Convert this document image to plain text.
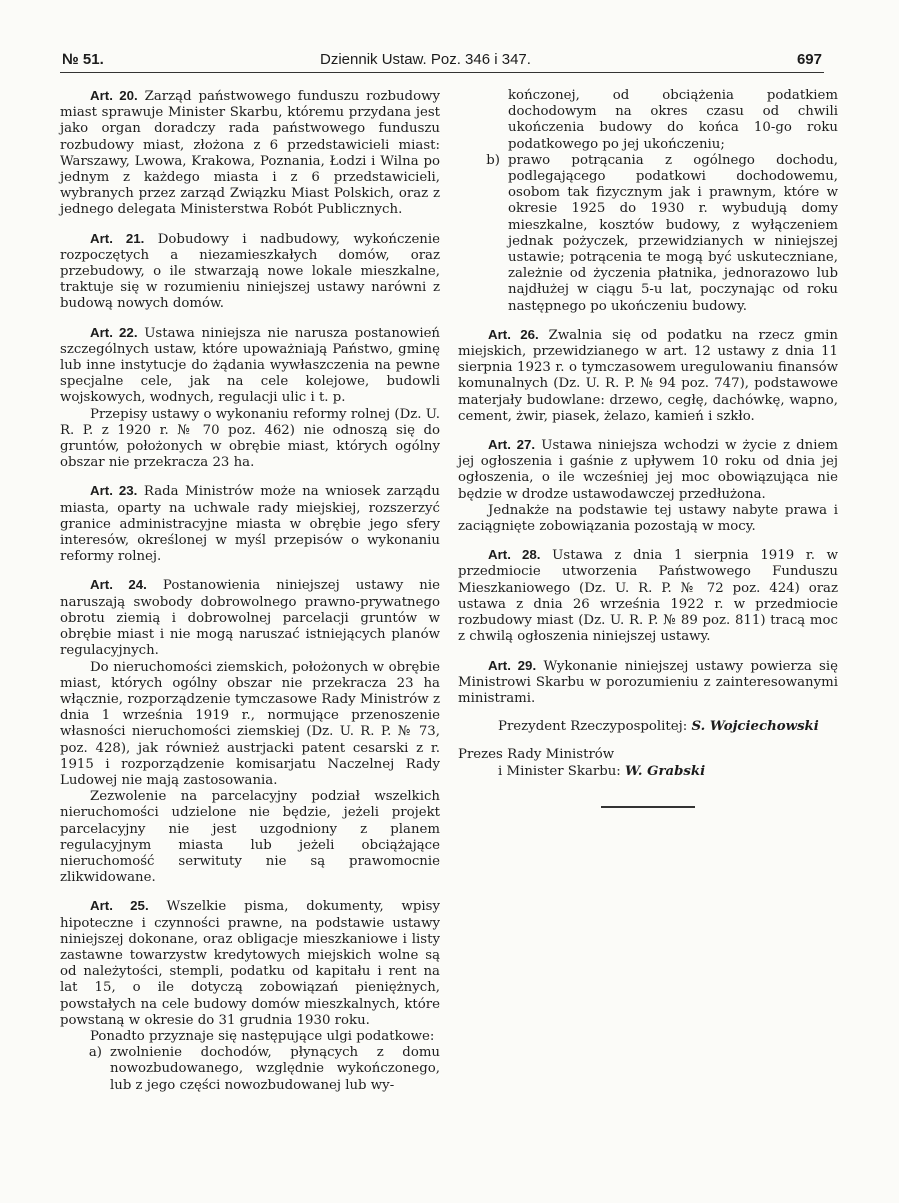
№ 51.	Dziennik Ustaw. Poz. 346 i 347.	697

Art. 20. Zarząd państwowego funduszu rozbudowy miast sprawuje Minister Skarbu, któremu przydana jest jako organ doradczy rada państwowego funduszu rozbudowy miast, złożona z 6 przedstawicieli miast: Warszawy, Lwowa, Krakowa, Poznania, Łodzi i Wilna po jednym z każdego miasta i z 6 przedstawicieli, wybranych przez zarząd Związku Miast Polskich, oraz z jednego delegata Ministerstwa Robót Publicznych.

Art. 21. Dobudowy i nadbudowy, wykończenie rozpoczętych a niezamieszkałych domów, oraz przebudowy, o ile stwarzają nowe lokale mieszkalne, traktuje się w rozumieniu niniejszej ustawy narówni z budową nowych domów.

Art. 22. Ustawa niniejsza nie narusza postanowień szczególnych ustaw, które upoważniają Państwo, gminę lub inne instytucje do żądania wywłaszczenia na pewne specjalne cele, jak na cele kolejowe, budowli wojskowych, wodnych, regulacji ulic i t. p.

Przepisy ustawy o wykonaniu reformy rolnej (Dz. U. R. P. z 1920 r. № 70 poz. 462) nie odnoszą się do gruntów, położonych w obrębie miast, których ogólny obszar nie przekracza 23 ha.

Art. 23. Rada Ministrów może na wniosek zarządu miasta, oparty na uchwale rady miejskiej, rozszerzyć granice administracyjne miasta w obrębie jego sfery interesów, określonej w myśl przepisów o wykonaniu reformy rolnej.

Art. 24. Postanowienia niniejszej ustawy nie naruszają swobody dobrowolnego prawno-prywatnego obrotu ziemią i dobrowolnej parcelacji gruntów w obrębie miast i nie mogą naruszać istniejących planów regulacyjnych.

Do nieruchomości ziemskich, położonych w obrębie miast, których ogólny obszar nie przekracza 23 ha włącznie, rozporządzenie tymczasowe Rady Ministrów z dnia 1 września 1919 r., normujące przenoszenie własności nieruchomości ziemskiej (Dz. U. R. P. № 73, poz. 428), jak również austrjacki patent cesarski z r. 1915 i rozporządzenie komisarjatu Naczelnej Rady Ludowej nie mają zastosowania.

Zezwolenie na parcelacyjny podział wszelkich nieruchomości udzielone nie będzie, jeżeli projekt parcelacyjny nie jest uzgodniony z planem regulacyjnym miasta lub jeżeli obciążające nieruchomość serwituty nie są prawomocnie zlikwidowane.

Art. 25. Wszelkie pisma, dokumenty, wpisy hipoteczne i czynności prawne, na podstawie ustawy niniejszej dokonane, oraz obligacje mieszkaniowe i listy zastawne towarzystw kredytowych miejskich wolne są od należytości, stempli, podatku od kapitału i rent na lat 15, o ile dotyczą zobowiązań pieniężnych, powstałych na cele budowy domów mieszkalnych, które powstaną w okresie do 31 grudnia 1930 roku.

Ponadto przyznaje się następujące ulgi podatkowe:

a) zwolnienie dochodów, płynących z domu nowozbudowanego, względnie wykończonego, lub z jego części nowozbudowanej lub wy-
kończonej, od obciążenia podatkiem dochodowym na okres czasu od chwili ukończenia budowy do końca 10-go roku podatkowego po jej ukończeniu;
b) prawo potrącania z ogólnego dochodu, podlegającego podatkowi dochodowemu, osobom tak fizycznym jak i prawnym, które w okresie 1925 do 1930 r. wybudują domy mieszkalne, kosztów budowy, z wyłączeniem jednak pożyczek, przewidzianych w niniejszej ustawie; potrącenia te mogą być uskuteczniane, zależnie od życzenia płatnika, jednorazowo lub najdłużej w ciągu 5-u lat, poczynając od roku następnego po ukończeniu budowy.

Art. 26. Zwalnia się od podatku na rzecz gmin miejskich, przewidzianego w art. 12 ustawy z dnia 11 sierpnia 1923 r. o tymczasowem uregulowaniu finansów komunalnych (Dz. U. R. P. № 94 poz. 747), podstawowe materjały budowlane: drzewo, cegłę, dachówkę, wapno, cement, żwir, piasek, żelazo, kamień i szkło.

Art. 27. Ustawa niniejsza wchodzi w życie z dniem jej ogłoszenia i gaśnie z upływem 10 roku od dnia jej ogłoszenia, o ile wcześniej jej moc obowiązująca nie będzie w drodze ustawodawczej przedłużona.

Jednakże na podstawie tej ustawy nabyte prawa i zaciągnięte zobowiązania pozostają w mocy.

Art. 28. Ustawa z dnia 1 sierpnia 1919 r. w przedmiocie utworzenia Państwowego Funduszu Mieszkaniowego (Dz. U. R. P. № 72 poz. 424) oraz ustawa z dnia 26 września 1922 r. w przedmiocie rozbudowy miast (Dz. U. R. P. № 89 poz. 811) tracą moc z chwilą ogłoszenia niniejszej ustawy.

Art. 29. Wykonanie niniejszej ustawy powierza się Ministrowi Skarbu w porozumieniu z zainteresowanymi ministrami.

Prezydent Rzeczypospolitej: S. Wojciechowski

Prezes Rady Ministrów

i Minister Skarbu: W. Grabski
